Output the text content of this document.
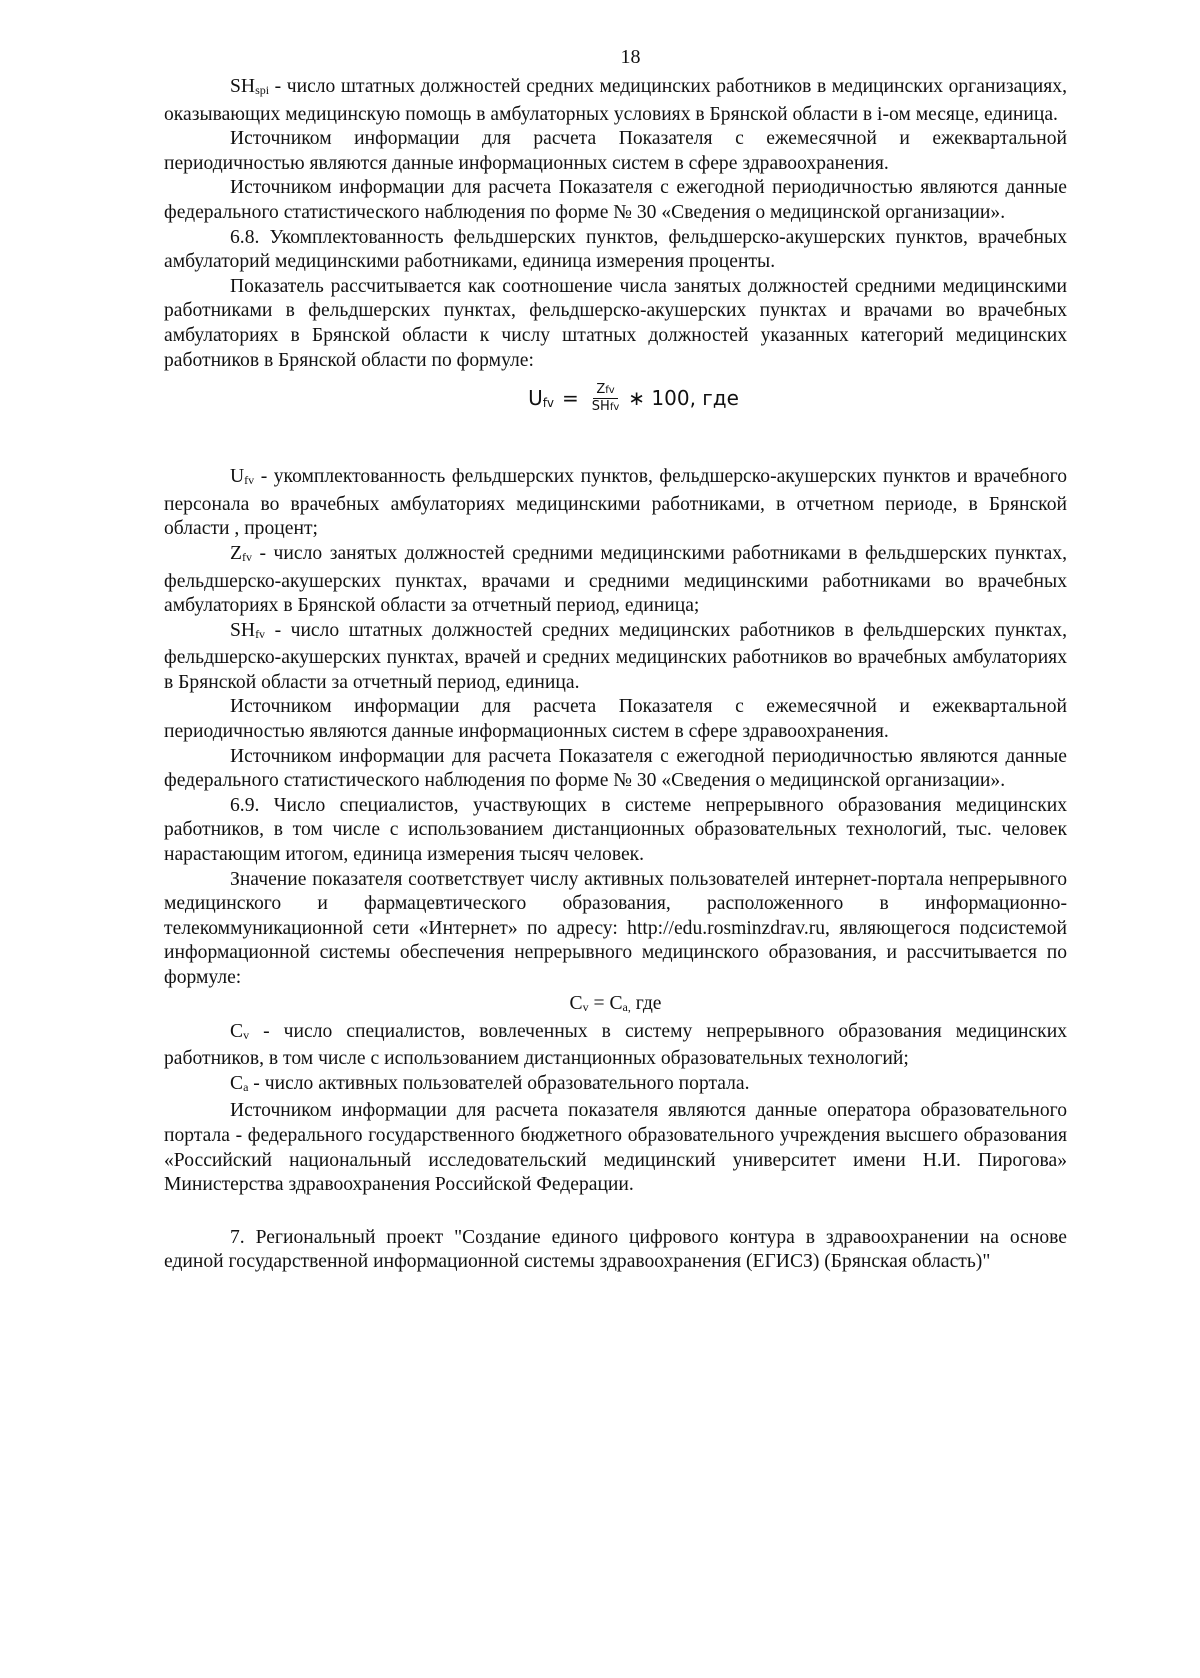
18

SHspi - число штатных должностей средних медицинских работников в медицинских организациях, оказывающих медицинскую помощь в амбулаторных условиях в Брянской области в i-ом месяце, единица.

Источником информации для расчета Показателя с ежемесячной и ежеквартальной периодичностью являются данные информационных систем в сфере здравоохранения.

Источником информации для расчета Показателя с ежегодной периодичностью являются данные федерального статистического наблюдения по форме № 30 «Сведения о медицинской организации».

6.8. Укомплектованность фельдшерских пунктов, фельдшерско-акушерских пунктов, врачебных амбулаторий медицинскими работниками, единица измерения проценты.

Показатель рассчитывается как соотношение числа занятых должностей средними медицинскими работниками в фельдшерских пунктах, фельдшерско-акушерских пунктах и врачами во врачебных амбулаториях в Брянской области к числу штатных должностей указанных категорий медицинских работников в Брянской области по формуле:

Ufv = $\frac{\text{Zfv}}{\text{SHfv}}$ ∗ 100, где

Ufv - укомплектованность фельдшерских пунктов, фельдшерско-акушерских пунктов и врачебного персонала во врачебных амбулаториях медицинскими работниками, в отчетном периоде, в Брянской области , процент;

Zfv - число занятых должностей средними медицинскими работниками в фельдшерских пунктах, фельдшерско-акушерских пунктах, врачами и средними медицинскими работниками во врачебных амбулаториях в Брянской области за отчетный период, единица;

SHfv - число штатных должностей средних медицинских работников в фельдшерских пунктах, фельдшерско-акушерских пунктах, врачей и средних медицинских работников во врачебных амбулаториях в Брянской области за отчетный период, единица.

Источником информации для расчета Показателя с ежемесячной и ежеквартальной периодичностью являются данные информационных систем в сфере здравоохранения.

Источником информации для расчета Показателя с ежегодной периодичностью являются данные федерального статистического наблюдения по форме № 30 «Сведения о медицинской организации».

6.9. Число специалистов, участвующих в системе непрерывного образования медицинских работников, в том числе с использованием дистанционных образовательных технологий, тыс. человек нарастающим итогом, единица измерения тысяч человек.

Значение показателя соответствует числу активных пользователей интернет-портала непрерывного медицинского и фармацевтического образования, расположенного в информационно-телекоммуникационной сети «Интернет» по адресу: http://edu.rosminzdrav.ru, являющегося подсистемой информационной системы обеспечения непрерывного медицинского образования, и рассчитывается по формуле:

Cv = Ca, где

Cv - число специалистов, вовлеченных в систему непрерывного образования медицинских работников, в том числе с использованием дистанционных образовательных технологий;

Ca - число активных пользователей образовательного портала.

Источником информации для расчета показателя являются данные оператора образовательного портала - федерального государственного бюджетного образовательного учреждения высшего образования «Российский национальный исследовательский медицинский университет имени Н.И. Пирогова» Министерства здравоохранения Российской Федерации.

7. Региональный проект "Создание единого цифрового контура в здравоохранении на основе единой государственной информационной системы здравоохранения (ЕГИСЗ) (Брянская область)"
